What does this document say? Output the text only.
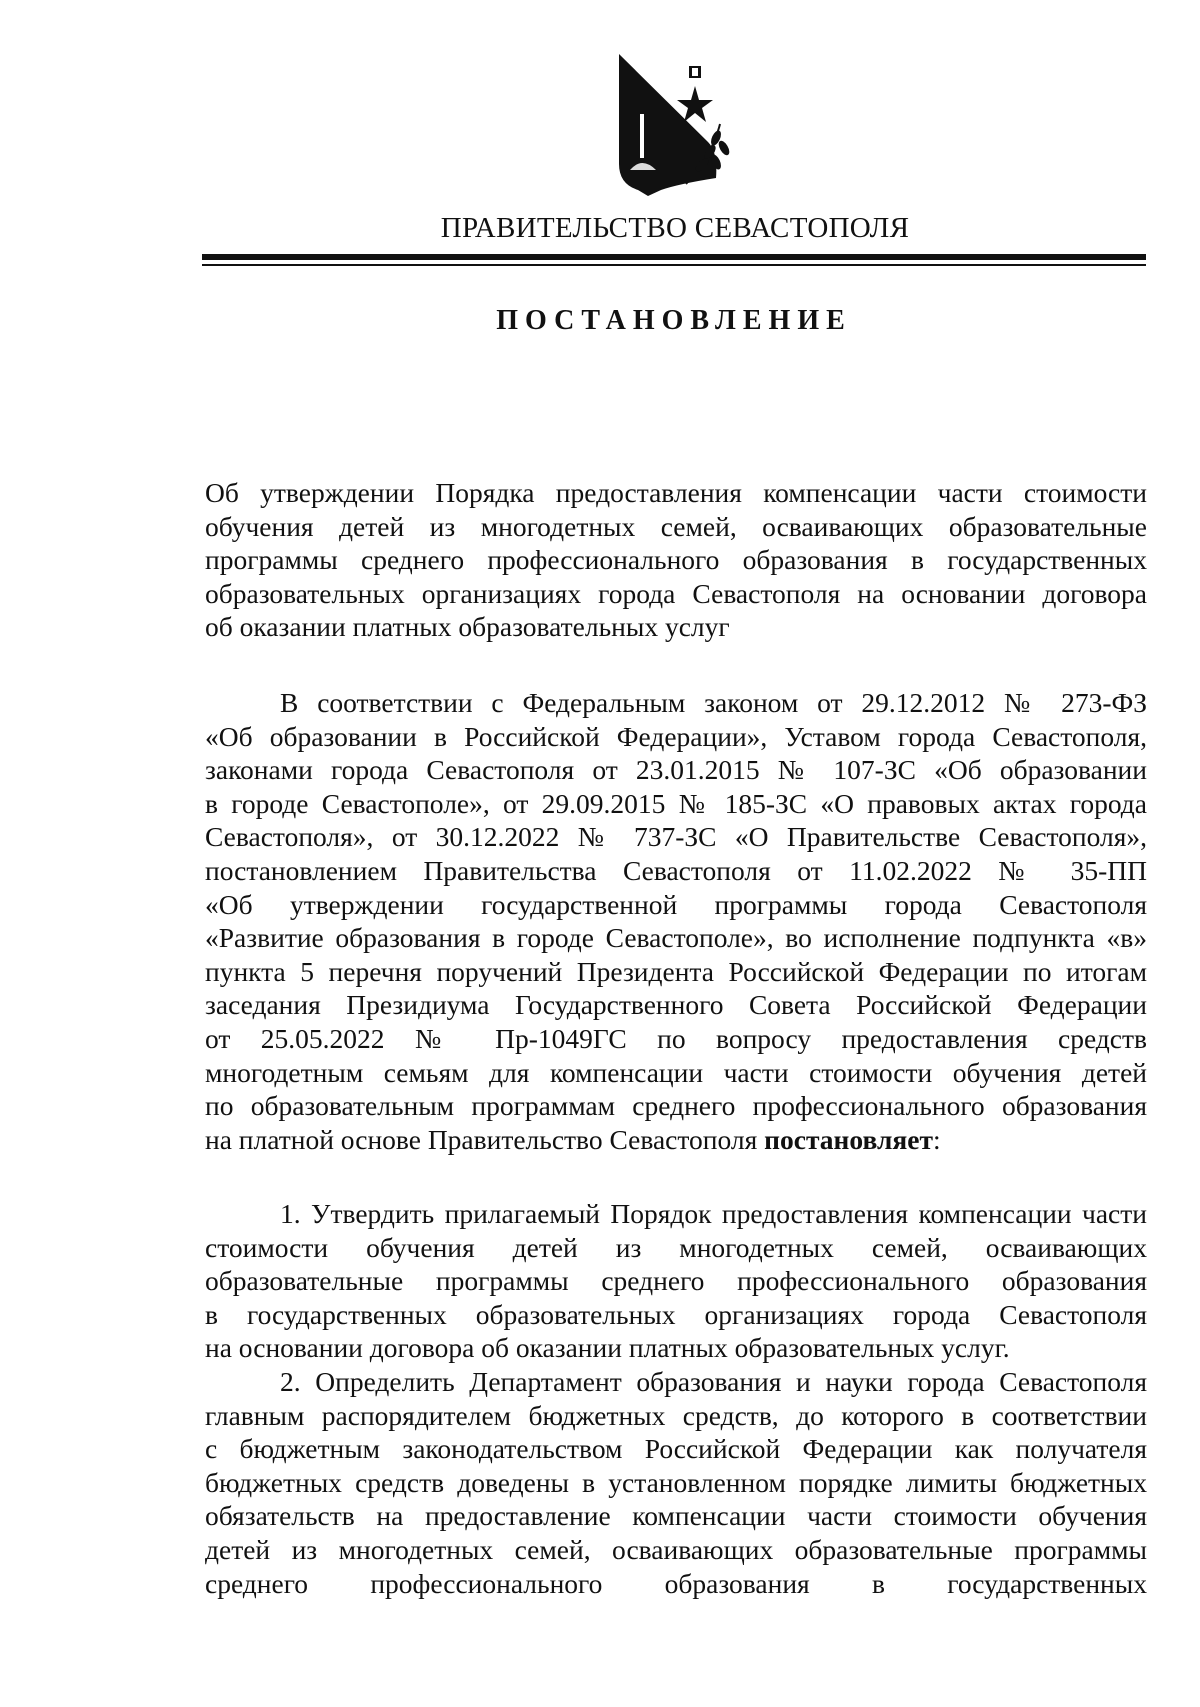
ПРАВИТЕЛЬСТВО СЕВАСТОПОЛЯ
ПОСТАНОВЛЕНИЕ
Об утверждении Порядка предоставления компенсации части стоимости
обучения детей из многодетных семей, осваивающих образовательные
программы среднего профессионального образования в государственных
образовательных организациях города Севастополя на основании договора
об оказании платных образовательных услуг
В соответствии с Федеральным законом от 29.12.2012 № 273-ФЗ
«Об образовании в Российской Федерации», Уставом города Севастополя,
законами города Севастополя от 23.01.2015 № 107-ЗС «Об образовании
в городе Севастополе», от 29.09.2015 № 185-ЗС «О правовых актах города
Севастополя», от 30.12.2022 № 737-ЗС «О Правительстве Севастополя»,
постановлением Правительства Севастополя от 11.02.2022 № 35-ПП
«Об утверждении государственной программы города Севастополя
«Развитие образования в городе Севастополе», во исполнение подпункта «в»
пункта 5 перечня поручений Президента Российской Федерации по итогам
заседания Президиума Государственного Совета Российской Федерации
от 25.05.2022 № Пр-1049ГС по вопросу предоставления средств
многодетным семьям для компенсации части стоимости обучения детей
по образовательным программам среднего профессионального образования
на платной основе Правительство Севастополя постановляет:
1. Утвердить прилагаемый Порядок предоставления компенсации части
стоимости обучения детей из многодетных семей, осваивающих
образовательные программы среднего профессионального образования
в государственных образовательных организациях города Севастополя
на основании договора об оказании платных образовательных услуг.
2. Определить Департамент образования и науки города Севастополя
главным распорядителем бюджетных средств, до которого в соответствии
с бюджетным законодательством Российской Федерации как получателя
бюджетных средств доведены в установленном порядке лимиты бюджетных
обязательств на предоставление компенсации части стоимости обучения
детей из многодетных семей, осваивающих образовательные программы
среднего профессионального образования в государственных
